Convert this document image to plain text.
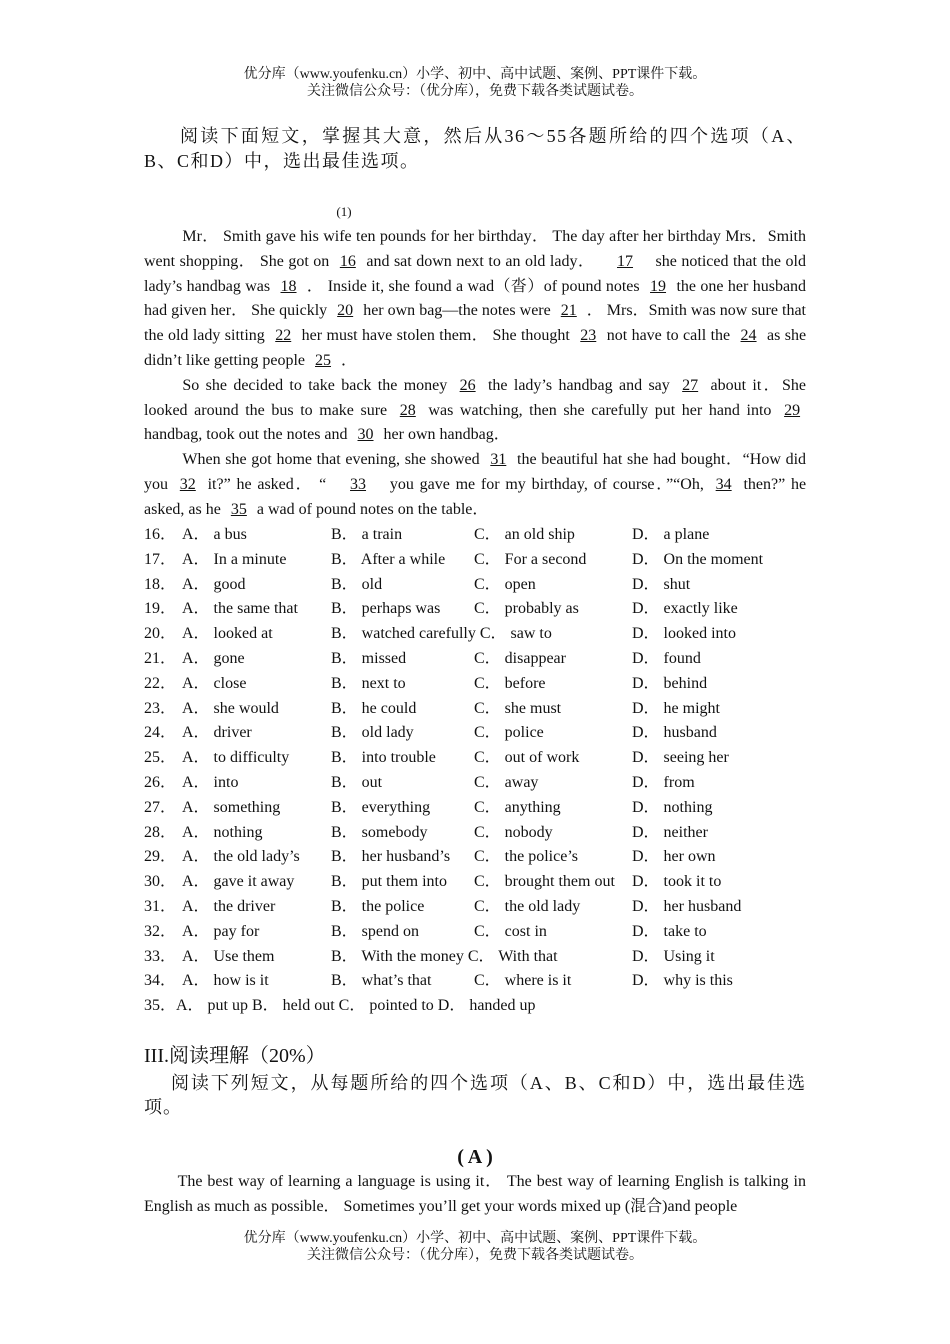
优分库（www.youfenku.cn）小学、初中、高中试题、案例、PPT课件下载。
关注微信公众号：（优分库），免费下载各类试题试卷。

阅读下面短文，掌握其大意，然后从36～55各题所给的四个选项（A、B、C和D）中，选出最佳选项。

(1)

Mr． Smith gave his wife ten pounds for her birthday． The day after her birthday Mrs．Smith went shopping． She got on 16 and sat down next to an old lady． 17 she noticed that the old lady’s handbag was 18 ． Inside it, she found a wad（沓）of pound notes 19 the one her husband had given her． She quickly 20 her own bag—the notes were 21 ． Mrs．Smith was now sure that the old lady sitting 22 her must have stolen them． She thought 23 not have to call the 24 as she didn’t like getting people 25 ．

So she decided to take back the money 26 the lady’s handbag and say 27 about it．She looked around the bus to make sure 28 was watching, then she carefully put her hand into 29 handbag, took out the notes and 30 her own handbag．

When she got home that evening, she showed 31 the beautiful hat she had bought．“How did you 32 it?” he asked． “ 33 you gave me for my birthday, of course．”“Oh, 34 then?” he asked, as he 35 a wad of pound notes on the table．

16． A． a bus	B． a train	C． an old ship	D． a plane
17． A． In a minute	B． After a while C． For a second	D． On the moment
18． A． good	B． old	C． open	D． shut
19． A． the same that B． perhaps was C． probably as	D． exactly like
20． A． looked at	B． watched carefully C． saw to	D． looked into
21． A． gone	B． missed	C． disappear	D． found
22． A． close	B． next to	C． before	D． behind
23． A． she would	B． he could	C． she must	D． he might
24． A． driver	B． old lady	C． police	D． husband
25． A． to difficulty	B． into trouble C． out of work	D． seeing her
26． A． into	B． out	C． away	D． from
27． A． something	B． everything	C． anything	D． nothing
28． A． nothing	B． somebody	C． nobody	D． neither
29． A． the old lady’s B． her husband’s C． the police’s	D． her own
30． A． gave it away B． put them into C． brought them out D． took it to
31． A． the driver	B． the police	C． the old lady	D． her husband
32． A． pay for	B． spend on	C． cost in	D． take to
33． A． Use them	B． With the money C． With that	D． Using it
34． A． how is it	B． what’s that	C． where is it	D． why is this
35．A． put up B． held out C． pointed to D． handed up
III.阅读理解（20%）

阅读下列短文，从每题所给的四个选项（A、B、C和D）中，选出最佳选项。

( A )

The best way of learning a language is using it． The best way of learning English is talking in English as much as possible． Sometimes you’ll get your words mixed up (混合)and people

优分库（www.youfenku.cn）小学、初中、高中试题、案例、PPT课件下载。
关注微信公众号：（优分库），免费下载各类试题试卷。
